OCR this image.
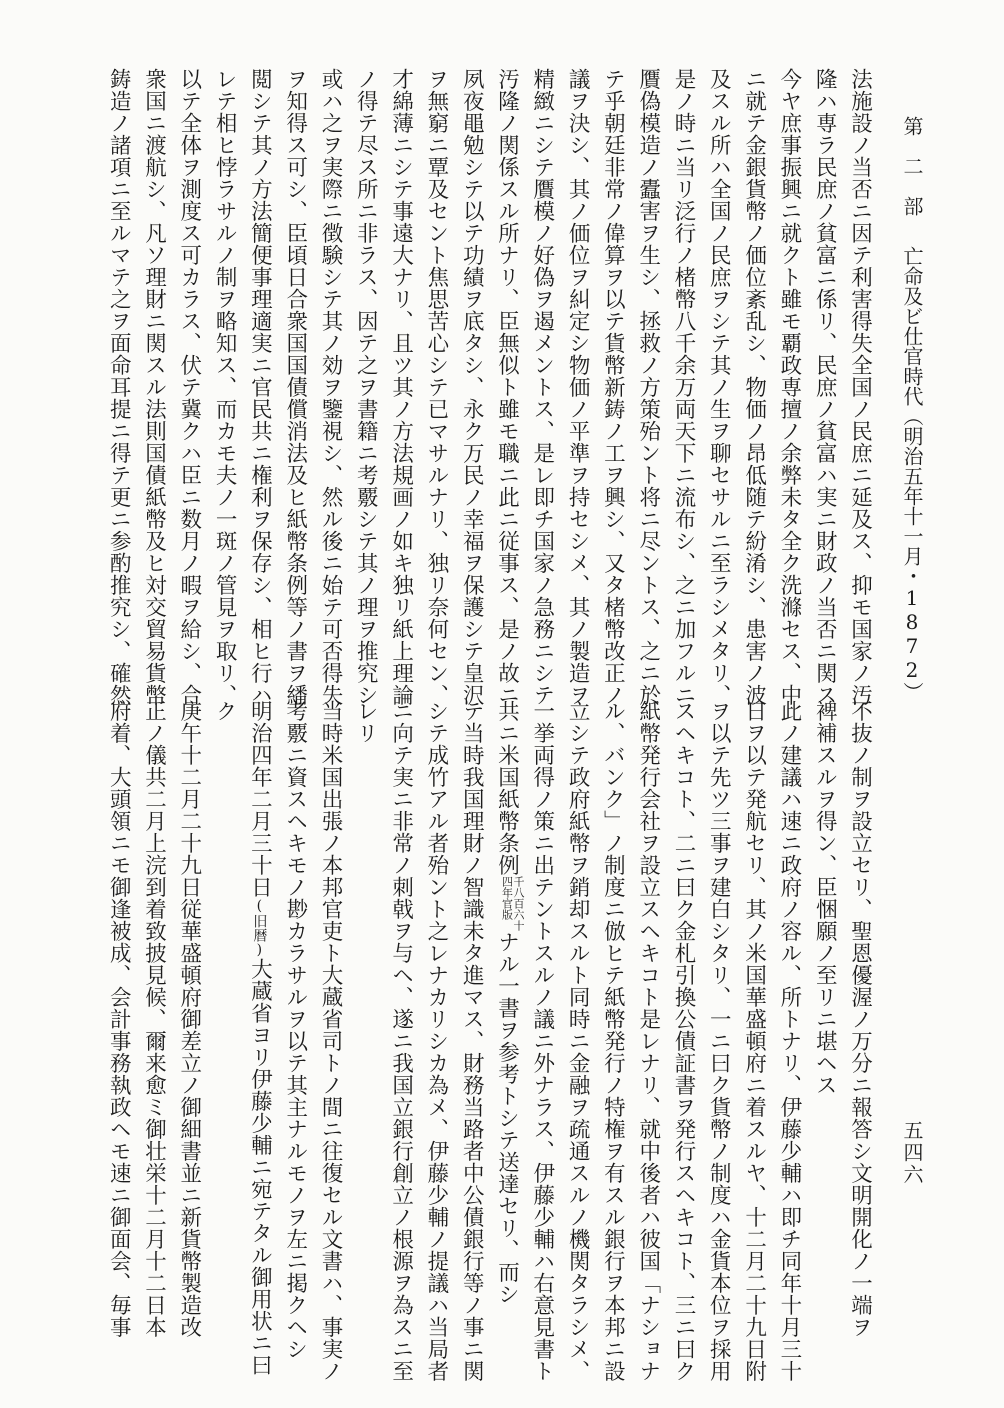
第　二　部亡命及ビ仕官時代（明治五年十一月・1872）
五四六
法施設ノ当否ニ因テ利害得失全国ノ民庶ニ延及ス、抑モ国家ノ汚
隆ハ専ラ民庶ノ貧富ニ係リ、民庶ノ貧富ハ実ニ財政ノ当否ニ関ス
今ヤ庶事振興ニ就クト雖モ覇政専擅ノ余弊未タ全ク洗滌セス、中
ニ就テ金銀貨幣ノ価位紊乱シ、物価ノ昂低随テ紛淆シ、患害ノ波
及スル所ハ全国ノ民庶ヲシテ其ノ生ヲ聊セサルニ至ラシメタリ、
是ノ時ニ当リ泛行ノ楮幣八千余万両天下ニ流布シ、之ニ加フルニ
贋偽模造ノ蠹害ヲ生シ、拯救ノ方策殆ント将ニ尽ントス、之ニ於
テ乎朝廷非常ノ偉算ヲ以テ貨幣新鋳ノ工ヲ興シ、又タ楮幣改正ノ
議ヲ決シ、其ノ価位ヲ糾定シ物価ノ平準ヲ持セシメ、其ノ製造ヲ
精緻ニシテ贋模ノ好偽ヲ遏メントス、是レ即チ国家ノ急務ニシテ
汚隆ノ関係スル所ナリ、臣無似ト雖モ職ニ此ニ従事ス、是ノ故ニ
夙夜黽勉シテ以テ功績ヲ底タシ、永ク万民ノ幸福ヲ保護シテ皇沢
ヲ無窮ニ覃及セント焦思苦心シテ已マサルナリ、独リ奈何セン、
才綿薄ニシテ事遠大ナリ、且ツ其ノ方法規画ノ如キ独リ紙上理論
ノ得テ尽ス所ニ非ラス、因テ之ヲ書籍ニ考覈シテ其ノ理ヲ推究シ
或ハ之ヲ実際ニ徴験シテ其ノ効ヲ鑒視シ、然ル後ニ始テ可否得失
ヲ知得ス可シ、臣頃日合衆国国債償消法及ヒ紙幣条例等ノ書ヲ繙
閲シテ其ノ方法簡便事理適実ニ官民共ニ権利ヲ保存シ、相ヒ行ハ
レテ相ヒ悖ラサルノ制ヲ略知ス、而カモ夫ノ一斑ノ管見ヲ取リ、
以テ全体ヲ測度ス可カラス、伏テ冀クハ臣ニ数月ノ暇ヲ給シ、合
衆国ニ渡航シ、凡ソ理財ニ関スル法則国債紙幣及ヒ対交貿易貨幣
鋳造ノ諸項ニ至ルマテ之ヲ面命耳提ニ得テ更ニ参酌推究シ、確然
不抜ノ制ヲ設立セリ、聖恩優渥ノ万分ニ報答シ文明開化ノ一端ヲ
裨補スルヲ得ン、臣悃願ノ至リニ堪ヘス
此ノ建議ハ速ニ政府ノ容ル、所トナリ、伊藤少輔ハ即チ同年十月三十
日ヲ以テ発航セリ、其ノ米国華盛頓府ニ着スルヤ、十二月二十九日附
ヲ以テ先ツ三事ヲ建白シタリ、一ニ曰ク貨幣ノ制度ハ金貨本位ヲ採用
スヘキコト、二ニ曰ク金札引換公債証書ヲ発行スヘキコト、三ニ曰ク
紙幣発行会社ヲ設立スヘキコト是レナリ、就中後者ハ彼国「ナショナ
ル、バンク」ノ制度ニ倣ヒテ紙幣発行ノ特権ヲ有スル銀行ヲ本邦ニ設
立シテ政府紙幣ヲ銷却スルト同時ニ金融ヲ疏通スルノ機関タラシメ、
一挙両得ノ策ニ出テントスルノ議ニ外ナラス、伊藤少輔ハ右意見書ト
共ニ米国紙幣条例
千八百六十
四年官版
ナル一書ヲ参考トシテ送達セリ、而シ
テ当時我国理財ノ智識未タ進マス、財務当路者中公債銀行等ノ事ニ関
シテ成竹アル者殆ント之レナカリシカ為メ、伊藤少輔ノ提議ハ当局者
ニ向テ実ニ非常ノ刺戟ヲ与ヘ、遂ニ我国立銀行創立ノ根源ヲ為スニ至
レリ
当時米国出張ノ本邦官吏ト大蔵省司トノ間ニ往復セル文書ハ、事実ノ
考覈ニ資スヘキモノ尠カラサルヲ以テ其主ナルモノヲ左ニ掲クヘシ
明治四年二月三十日(旧暦)大蔵省ヨリ伊藤少輔ニ宛テタル御用状ニ曰
ク
庚午十二月二十九日従華盛頓府御差立ノ御細書並ニ新貨幣製造改
正ノ儀共二月上浣到着致披見候、爾来愈ミ御壮栄十二月十二日本
府着、大頭領ニモ御逢被成、会計事務執政ヘモ速ニ御面会、毎事
